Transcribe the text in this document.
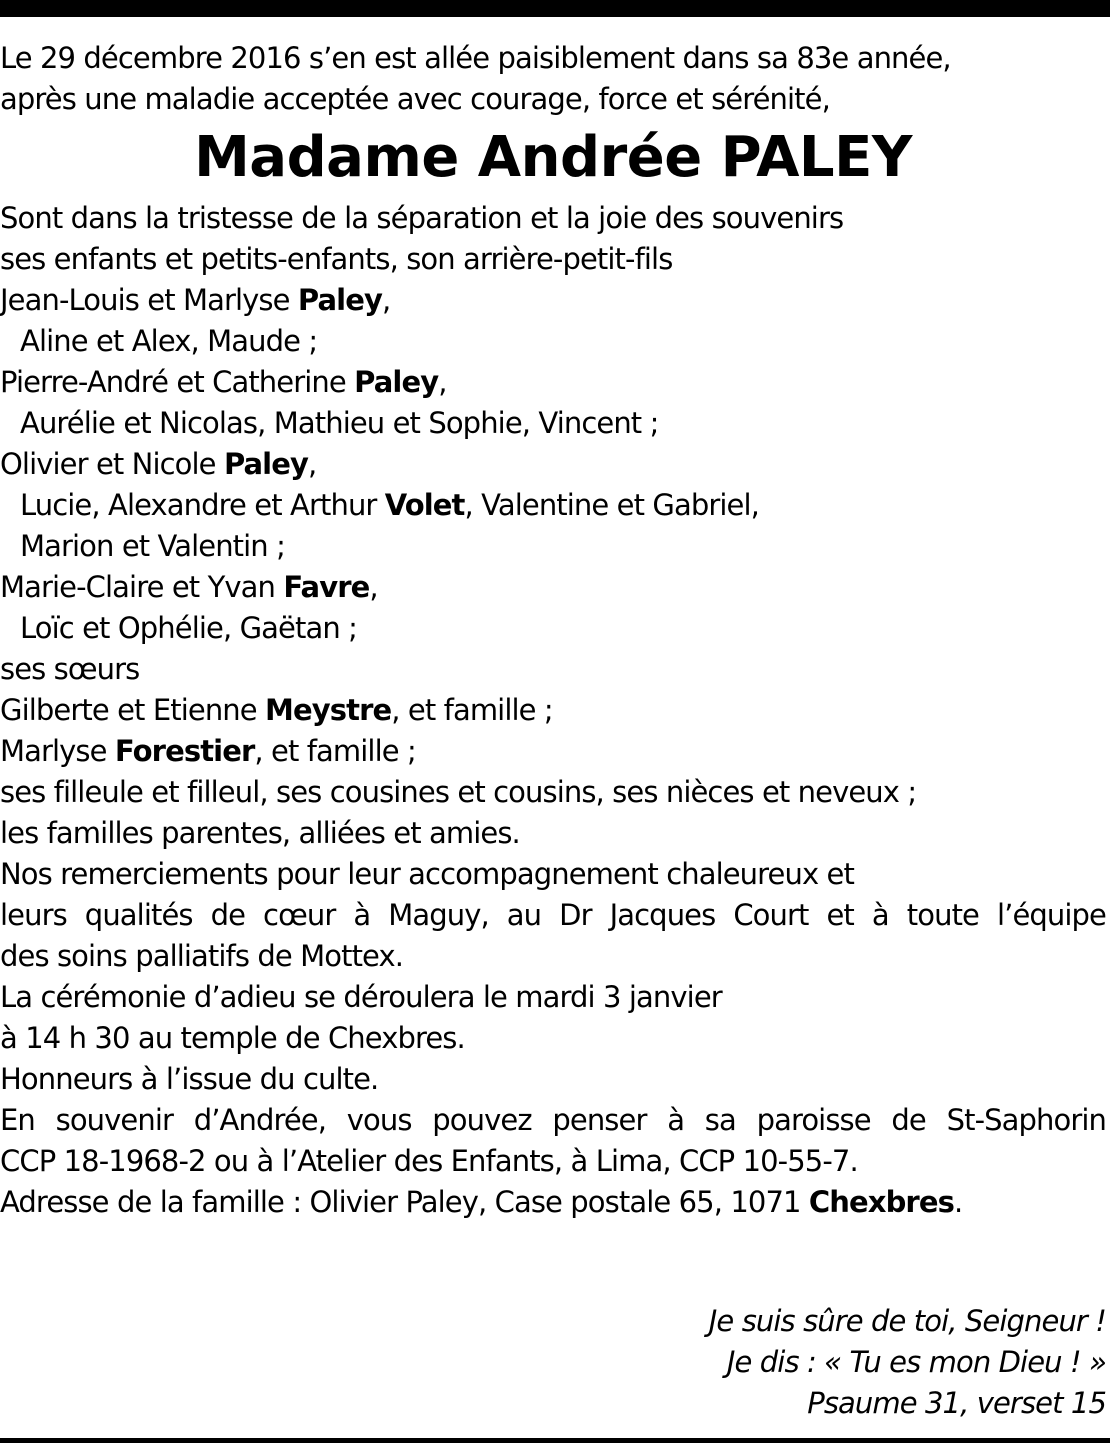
Le 29 décembre 2016 s’en est allée paisiblement dans sa 83e année,
après une maladie acceptée avec courage, force et sérénité,
Madame Andrée PALEY
Sont dans la tristesse de la séparation et la joie des souvenirs
ses enfants et petits-enfants, son arrière-petit-fils
Jean-Louis et Marlyse Paley,
Aline et Alex, Maude ;
Pierre-André et Catherine Paley,
Aurélie et Nicolas, Mathieu et Sophie, Vincent ;
Olivier et Nicole Paley,
Lucie, Alexandre et Arthur Volet, Valentine et Gabriel,
Marion et Valentin ;
Marie-Claire et Yvan Favre,
Loïc et Ophélie, Gaëtan ;
ses sœurs
Gilberte et Etienne Meystre, et famille ;
Marlyse Forestier, et famille ;
ses filleule et filleul, ses cousines et cousins, ses nièces et neveux ;
les familles parentes, alliées et amies.
Nos remerciements pour leur accompagnement chaleureux et
leurs qualités de cœur à Maguy, au Dr Jacques Court et à toute l’équipe
des soins palliatifs de Mottex.
La cérémonie d’adieu se déroulera le mardi 3 janvier
à 14 h 30 au temple de Chexbres.
Honneurs à l’issue du culte.
En souvenir d’Andrée, vous pouvez penser à sa paroisse de St-Saphorin
CCP 18-1968-2 ou à l’Atelier des Enfants, à Lima, CCP 10-55-7.
Adresse de la famille : Olivier Paley, Case postale 65, 1071 Chexbres.
Je suis sûre de toi, Seigneur !
Je dis : « Tu es mon Dieu ! »
Psaume 31, verset 15
